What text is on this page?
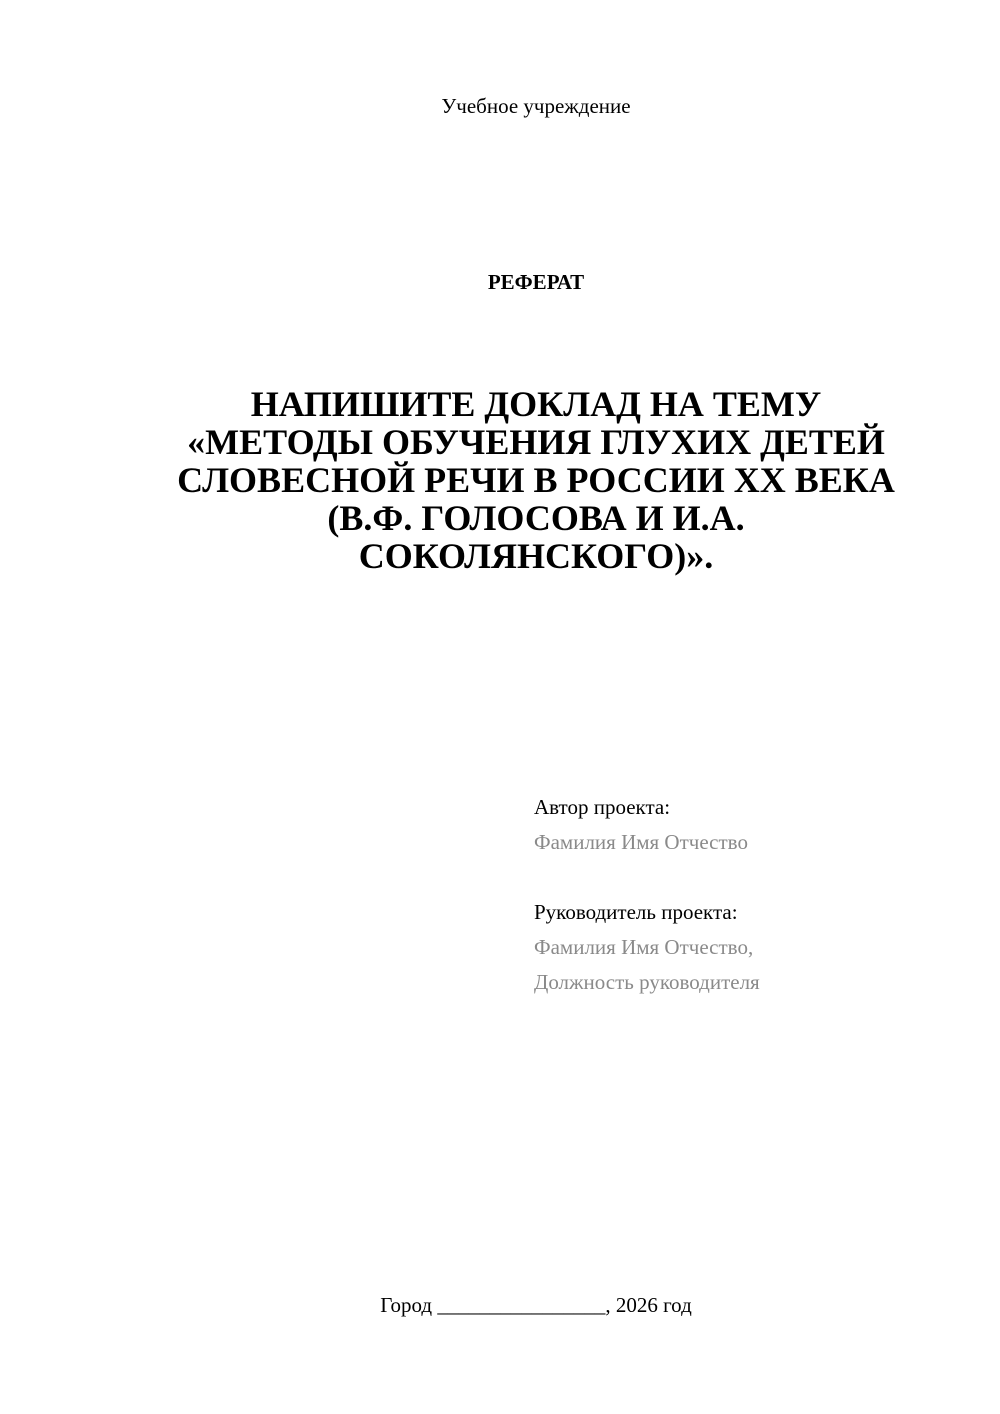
Учебное учреждение
РЕФЕРАТ
НАПИШИТЕ ДОКЛАД НА ТЕМУ
«МЕТОДЫ ОБУЧЕНИЯ ГЛУХИХ ДЕТЕЙ
СЛОВЕСНОЙ РЕЧИ В РОССИИ XX ВЕКА
(В.Ф. ГОЛОСОВА И И.А.
СОКОЛЯНСКОГО)».
Автор проекта:
Фамилия Имя Отчество
Руководитель проекта:
Фамилия Имя Отчество,
Должность руководителя
Город ________________, 2026 год
